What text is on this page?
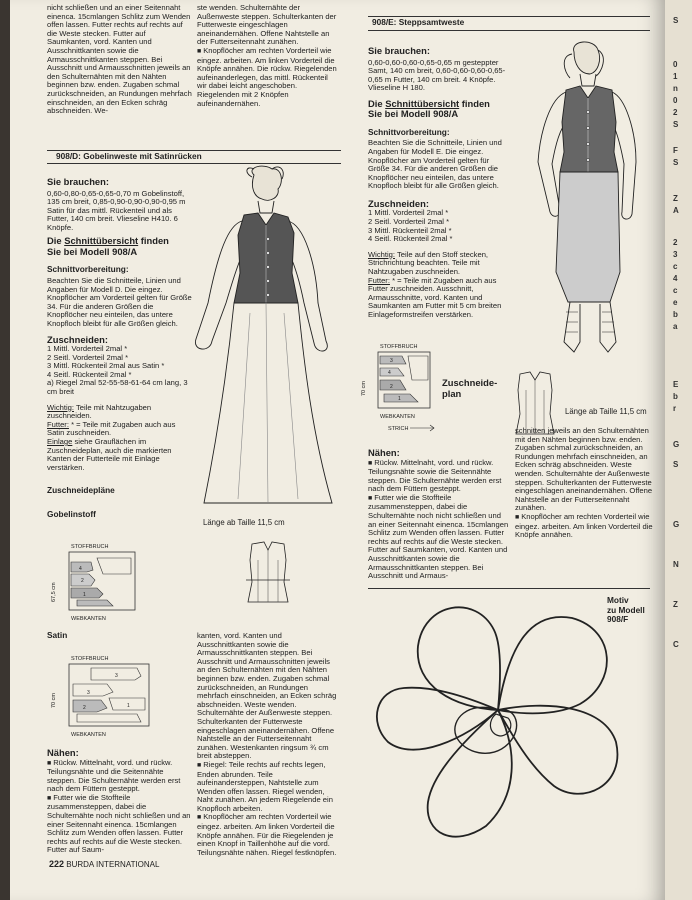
nicht schließen und an einer Seitennaht einenca. 15cmlangen Schlitz zum Wenden offen lassen. Futter rechts auf rechts auf die Weste stecken. Futter auf Saumkanten, vord. Kanten und Ausschnittkanten sowie die Armausschnittkanten steppen. Bei Ausschnitt und Armausschnitten jeweils an den Schulternähten mit den Nähten beginnen bzw. enden. Zugaben schmal zurückschneiden, an Rundungen mehrfach einschneiden, an den Ecken schräg abschneiden. We-

ste wenden. Schulternähte der Außenweste steppen. Schulterkanten der Futterweste eingeschlagen aneinandernähen. Offene Nahtstelle an der Futterseitennaht zunähen.

■ Knopflöcher am rechten Vorderteil wie eingez. arbeiten. Am linken Vorderteil die Knöpfe annähen. Die rückw. Riegelenden aufeinanderlegen, das mittl. Rückenteil wir dabei leicht angeschoben. Riegelenden mit 2 Knöpfen aufeinandernähen.

908/D: Gobelinweste mit Satinrücken

Sie brauchen:

0,60-0,80-0,65-0,65-0,70 m Gobelinstoff, 135 cm breit, 0,85-0,90-0,90-0,90-0,95 m Satin für das mittl. Rückenteil und als Futter, 140 cm breit. Vlieseline H410. 6 Knöpfe.

Die Schnittübersicht finden

Sie bei Modell 908/A

Schnittvorbereitung:

Beachten Sie die Schnitteile, Linien und Angaben für Modell D. Die eingez. Knopflöcher am Vorderteil gelten für Größe 34. Für die anderen Größen die Knopflöcher neu einteilen, das untere Knopfloch bleibt für alle Größen gleich.

Zuschneiden:

1 Mittl. Vorderteil 2mal *

2 Seitl. Vorderteil 2mal *

3 Mittl. Rückenteil 2mal aus Satin *

4 Seitl. Rückenteil 2mal *

a) Riegel 2mal 52-55-58-61-64 cm lang, 3 cm breit

Wichtig: Teile mit Nahtzugaben zuschneiden.

Futter: * = Teile mit Zugaben auch aus Satin zuschneiden.

Einlage siehe Grauflächen im Zuschneideplan, auch die markierten Kanten der Futterteile mit Einlage verstärken.

Zuschneidepläne

Gobelinstoff

STOFFBRUCH
4
2
1
67,5 cm
WEBKANTEN

Satin

STOFFBRUCH
3
3
2	1
70 cm
WEBKANTEN

Nähen:

■ Rückw. Mittelnaht, vord. und rückw. Teilungsnähte und die Seitennähte steppen. Die Schulternähte werden erst nach dem Füttern gesteppt.

■ Futter wie die Stoffteile zusammensteppen, dabei die Schulternähte noch nicht schließen und an einer Seitennaht einenca. 15cmlangen Schlitz zum Wenden offen lassen. Futter rechts auf rechts auf die Weste stecken. Futter auf Saum-

kanten, vord. Kanten und Ausschnittkanten sowie die Armausschnittkanten steppen. Bei Ausschnitt und Armausschnitten jeweils an den Schulternähten mit den Nähten beginnen bzw. enden. Zugaben schmal zurückschneiden, an Rundungen mehrfach einschneiden, an Ecken schräg abschneiden. Weste wenden. Schulternähte der Außenweste steppen. Schulterkanten der Futterweste eingeschlagen aneinandernähen. Offene Nahtstelle an der Futterseitennaht zunähen. Westenkanten ringsum ¾ cm breit absteppen.

■ Riegel: Teile rechts auf rechts legen, Enden abrunden. Teile aufeinandersteppen, Nahtstelle zum Wenden offen lassen. Riegel wenden, Naht zunähen. An jedem Riegelende ein Knopfloch arbeiten.

■ Knopflöcher am rechten Vorderteil wie eingez. arbeiten. Am linken Vorderteil die Knöpfe annähen. Für die Riegelenden je einen Knopf in Taillenhöhe auf die vord. Teilungsnähte nähen. Riegel festknöpfen.

Länge ab Taille 11,5 cm

908/E: Steppsamtweste

Sie brauchen:

0,60-0,60-0,60-0,65-0,65 m gesteppter Samt, 140 cm breit, 0,60-0,60-0,60-0,65-0,65 m Futter, 140 cm breit. 4 Knöpfe. Vlieseline H 180.

Die Schnittübersicht finden

Sie bei Modell 908/A

Schnittvorbereitung:

Beachten Sie die Schnitteile, Linien und Angaben für Modell E. Die eingez. Knopflöcher am Vorderteil gelten für Größe 34. Für die anderen Größen die Knopflöcher neu einteilen, das untere Knopfloch bleibt für alle Größen gleich.

Zuschneiden:

1 Mittl. Vorderteil 2mal *

2 Seitl. Vorderteil 2mal *

3 Mittl. Rückenteil 2mal *

4 Seitl. Rückenteil 2mal *

Wichtig: Teile auf den Stoff stecken, Strichrichtung beachten. Teile mit Nahtzugaben zuschneiden.

Futter: * = Teile mit Zugaben auch aus Futter zuschneiden. Ausschnitt, Armausschnitte, vord. Kanten und Saumkanten am Futter mit 5 cm breiten Einlageformstreifen verstärken.

STOFFBRUCH
3
4
2
1
70 cm
WEBKANTEN
STRICH

Zuschneide-

plan

Länge ab Taille 11,5 cm

Nähen:

■ Rückw. Mittelnaht, vord. und rückw. Teilungsnähte sowie die Seitennähte steppen. Die Schulternähte werden erst nach dem Füttern gesteppt.

■ Futter wie die Stoffteile zusammensteppen, dabei die Schulternähte noch nicht schließen und an einer Seitennaht einenca. 15cmlangen Schlitz zum Wenden offen lassen. Futter rechts auf rechts auf die Weste stecken. Futter auf Saumkanten, vord. Kanten und Ausschnittkanten sowie die Armausschnittkanten steppen. Bei Ausschnitt und Armaus-

schnitten jeweils an den Schulternähten mit den Nähten beginnen bzw. enden. Zugaben schmal zurückschneiden, an Rundungen mehrfach einschneiden, an Ecken schräg abschneiden. Weste wenden. Schulternähte der Außenweste steppen. Schulterkanten der Futterweste eingeschlagen aneinandernähen. Offene Nahtstelle an der Futterseitennaht zunähen.

■ Knopflöcher am rechten Vorderteil wie eingez. arbeiten. Am linken Vorderteil die Knöpfe annähen.

Motiv

zu Modell

908/F

222 BURDA INTERNATIONAL
S
0
1
n
0
2
S
F
S
Z
A
2
3
c
4
c
e
b
a
E
b
r
G
S
G
N
Z
C
